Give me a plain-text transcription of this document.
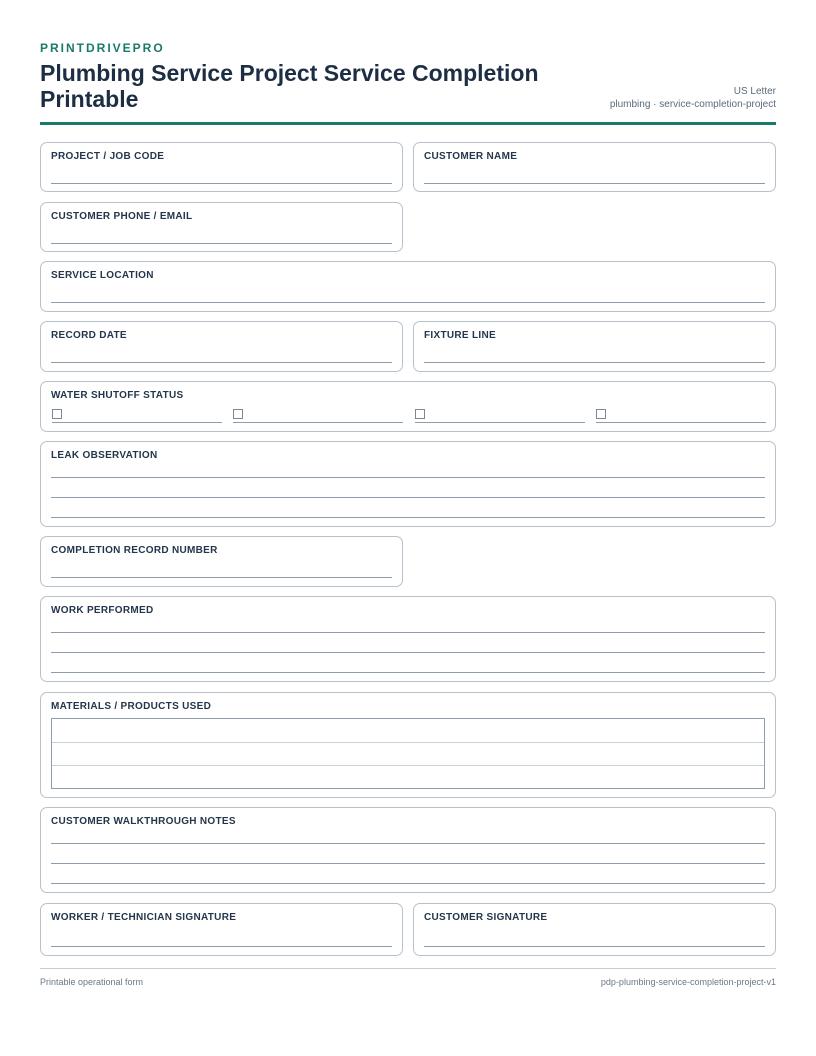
PRINTDRIVEPRO
Plumbing Service Project Service Completion Printable	US Letter
plumbing · service-completion-project
PROJECT / JOB CODE	CUSTOMER NAME
CUSTOMER PHONE / EMAIL
SERVICE LOCATION
RECORD DATE	FIXTURE LINE
WATER SHUTOFF STATUS
LEAK OBSERVATION
COMPLETION RECORD NUMBER
WORK PERFORMED
MATERIALS / PRODUCTS USED
CUSTOMER WALKTHROUGH NOTES
WORKER / TECHNICIAN SIGNATURE	CUSTOMER SIGNATURE
Printable operational form	pdp-plumbing-service-completion-project-v1
